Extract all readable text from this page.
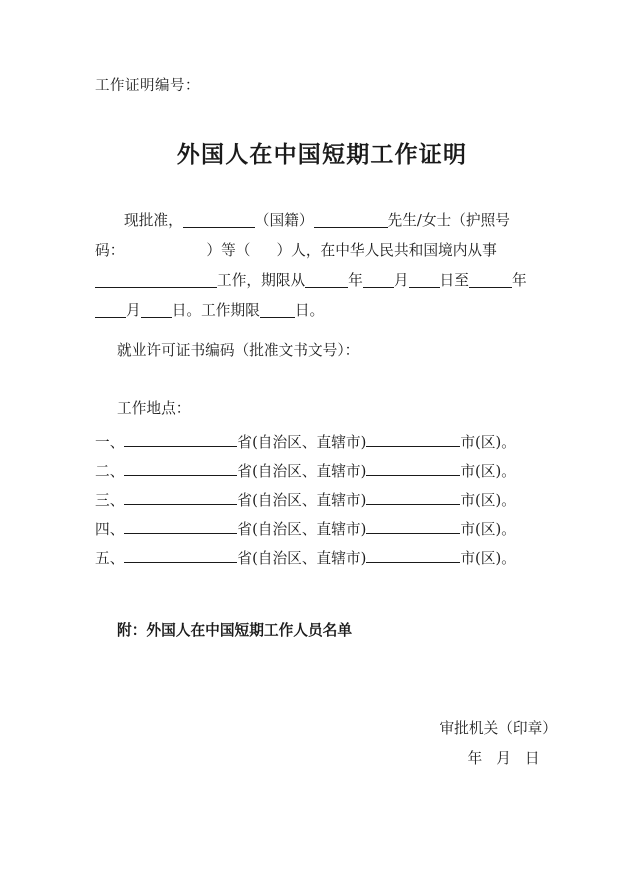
工作证明编号：
外国人在中国短期工作证明
现批准，	（国籍）	先生/女士（护照号
码：	）等（ ）人，在中华人民共和国境内从事
工作，期限从	年 月 日至	年
月 日。工作期限 日。
就业许可证书编码（批准文书文号）：
工作地点：
一、	省(自治区、直辖市)	市(区)。
二、	省(自治区、直辖市)	市(区)。
三、	省(自治区、直辖市)	市(区)。
四、	省(自治区、直辖市)	市(区)。
五、	省(自治区、直辖市)	市(区)。
附：外国人在中国短期工作人员名单
审批机关（印章）
年 月 日
